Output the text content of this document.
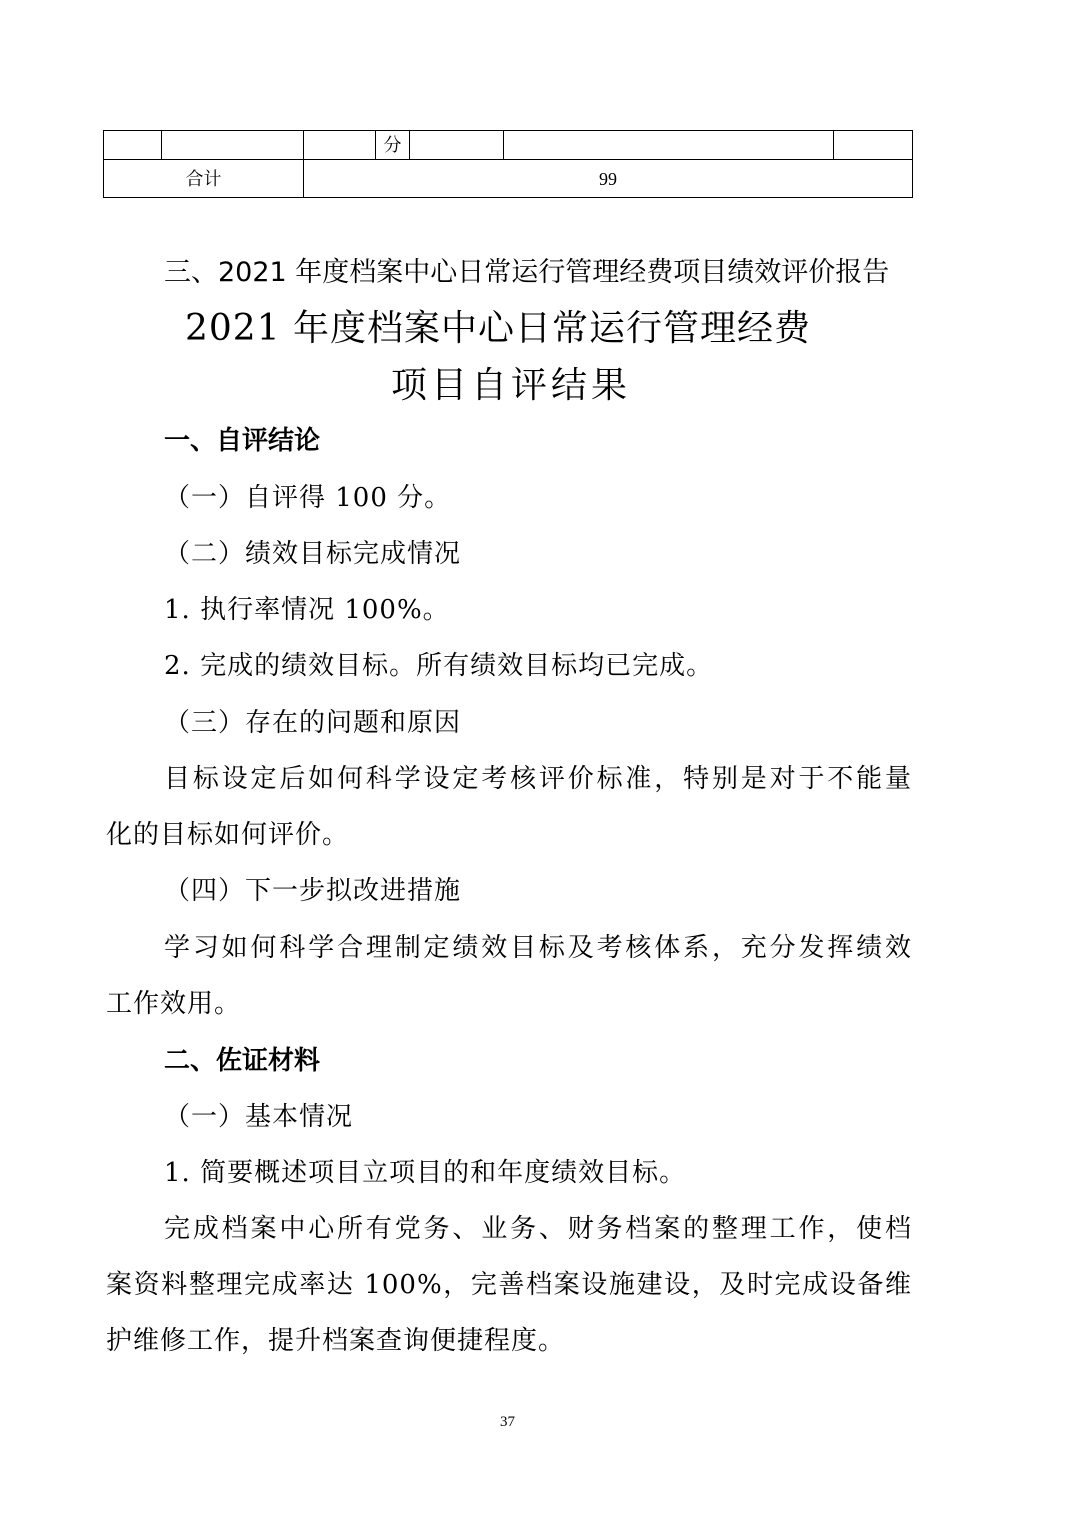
			分			
合计		99				
三、2021 年度档案中心日常运行管理经费项目绩效评价报告
2021 年度档案中心日常运行管理经费
项目自评结果
一、自评结论
（一）自评得 100 分。
（二）绩效目标完成情况
1. 执行率情况 100%。
2. 完成的绩效目标。所有绩效目标均已完成。
（三）存在的问题和原因
目标设定后如何科学设定考核评价标准，特别是对于不能量
化的目标如何评价。
（四）下一步拟改进措施
学习如何科学合理制定绩效目标及考核体系，充分发挥绩效
工作效用。
二、佐证材料
（一）基本情况
1. 简要概述项目立项目的和年度绩效目标。
完成档案中心所有党务、业务、财务档案的整理工作，使档
案资料整理完成率达 100%，完善档案设施建设，及时完成设备维
护维修工作，提升档案查询便捷程度。
37
